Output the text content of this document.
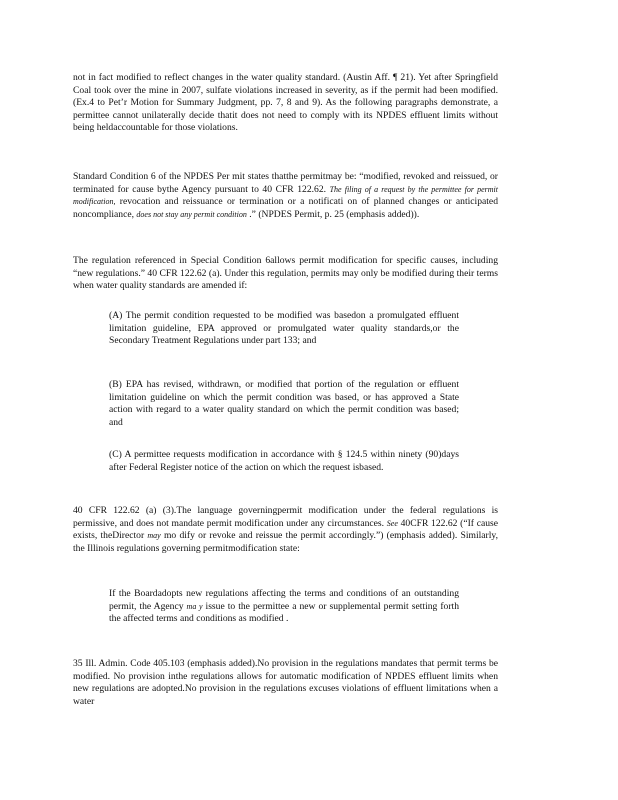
not in fact modified to reflect changes in the water quality standard. (Austin Aff. ¶ 21). Yet after Springfield Coal took over the mine in 2007, sulfate violations increased in severity, as if the permit had been modified. (Ex.4 to Pet’r Motion for Summary Judgment, pp. 7, 8 and 9). As the following paragraphs demonstrate, a permittee cannot unilaterally decide thatit does not need to comply with its NPDES effluent limits without being heldaccountable for those violations.

Standard Condition 6 of the NPDES Per mit states thatthe permitmay be: “modified, revoked and reissued, or terminated for cause bythe Agency pursuant to 40 CFR 122.62. The filing of a request by the permittee for permit modification, revocation and reissuance or termination or a notificati on of planned changes or anticipated noncompliance, does not stay any permit condition .” (NPDES Permit, p. 25 (emphasis added)).

The regulation referenced in Special Condition 6allows permit modification for specific causes, including “new regulations.” 40 CFR 122.62 (a). Under this regulation, permits may only be modified during their terms when water quality standards are amended if:

(A) The permit condition requested to be modified was basedon a promulgated effluent limitation guideline, EPA approved or promulgated water quality standards,or the Secondary Treatment Regulations under part 133; and

(B) EPA has revised, withdrawn, or modified that portion of the regulation or effluent limitation guideline on which the permit condition was based, or has approved a State action with regard to a water quality standard on which the permit condition was based; and

(C) A permittee requests modification in accordance with § 124.5 within ninety (90)days after Federal Register notice of the action on which the request isbased.

40 CFR 122.62 (a) (3).The language governingpermit modification under the federal regulations is permissive, and does not mandate permit modification under any circumstances. See 40CFR 122.62 (“If cause exists, theDirector may mo dify or revoke and reissue the permit accordingly.”) (emphasis added). Similarly, the Illinois regulations governing permitmodification state:

If the Boardadopts new regulations affecting the terms and conditions of an outstanding permit, the Agency ma y issue to the permittee a new or supplemental permit setting forth the affected terms and conditions as modified .

35 Ill. Admin. Code 405.103 (emphasis added).No provision in the regulations mandates that permit terms be modified. No provision inthe regulations allows for automatic modification of NPDES effluent limits when new regulations are adopted.No provision in the regulations excuses violations of effluent limitations when a water
